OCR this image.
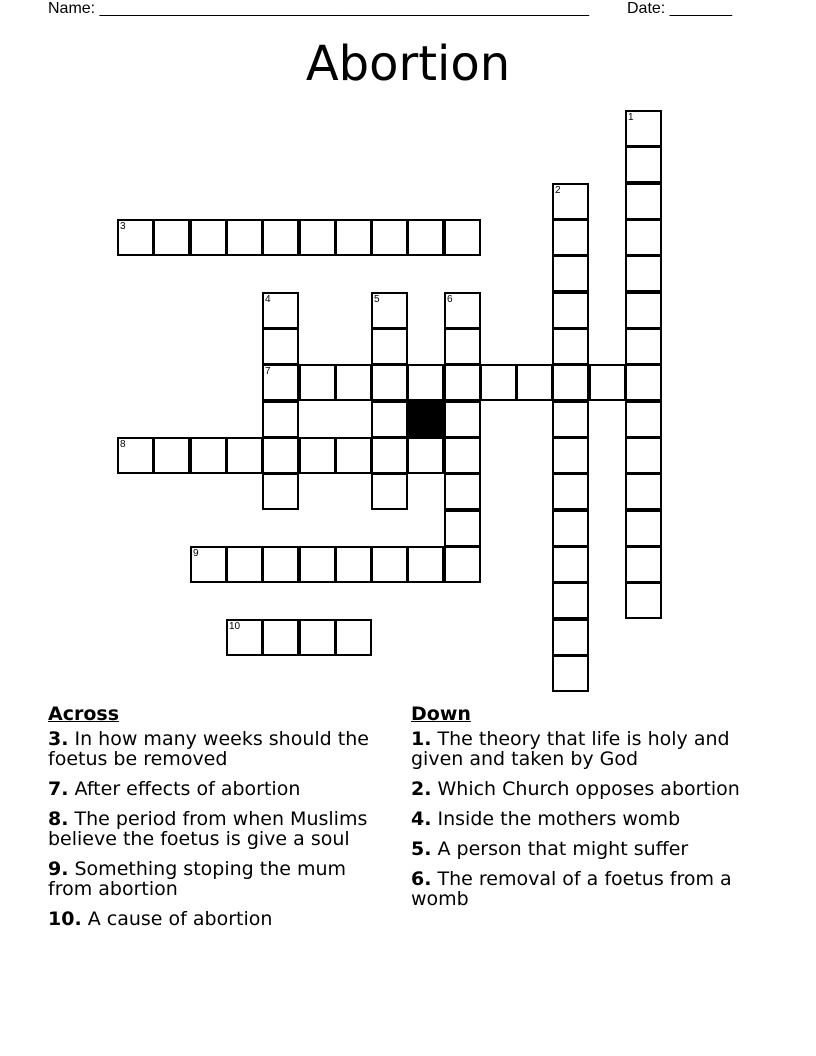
Name: _______________________________________________________ Date: _______
Abortion
1
2
3
4	5	6
7
8
9
10
Across
3. In how many weeks should the foetus be removed
7. After effects of abortion
8. The period from when Muslims believe the foetus is give a soul
9. Something stoping the mum from abortion
10. A cause of abortion
Down
1. The theory that life is holy and given and taken by God
2. Which Church opposes abortion
4. Inside the mothers womb
5. A person that might suffer
6. The removal of a foetus from a womb
